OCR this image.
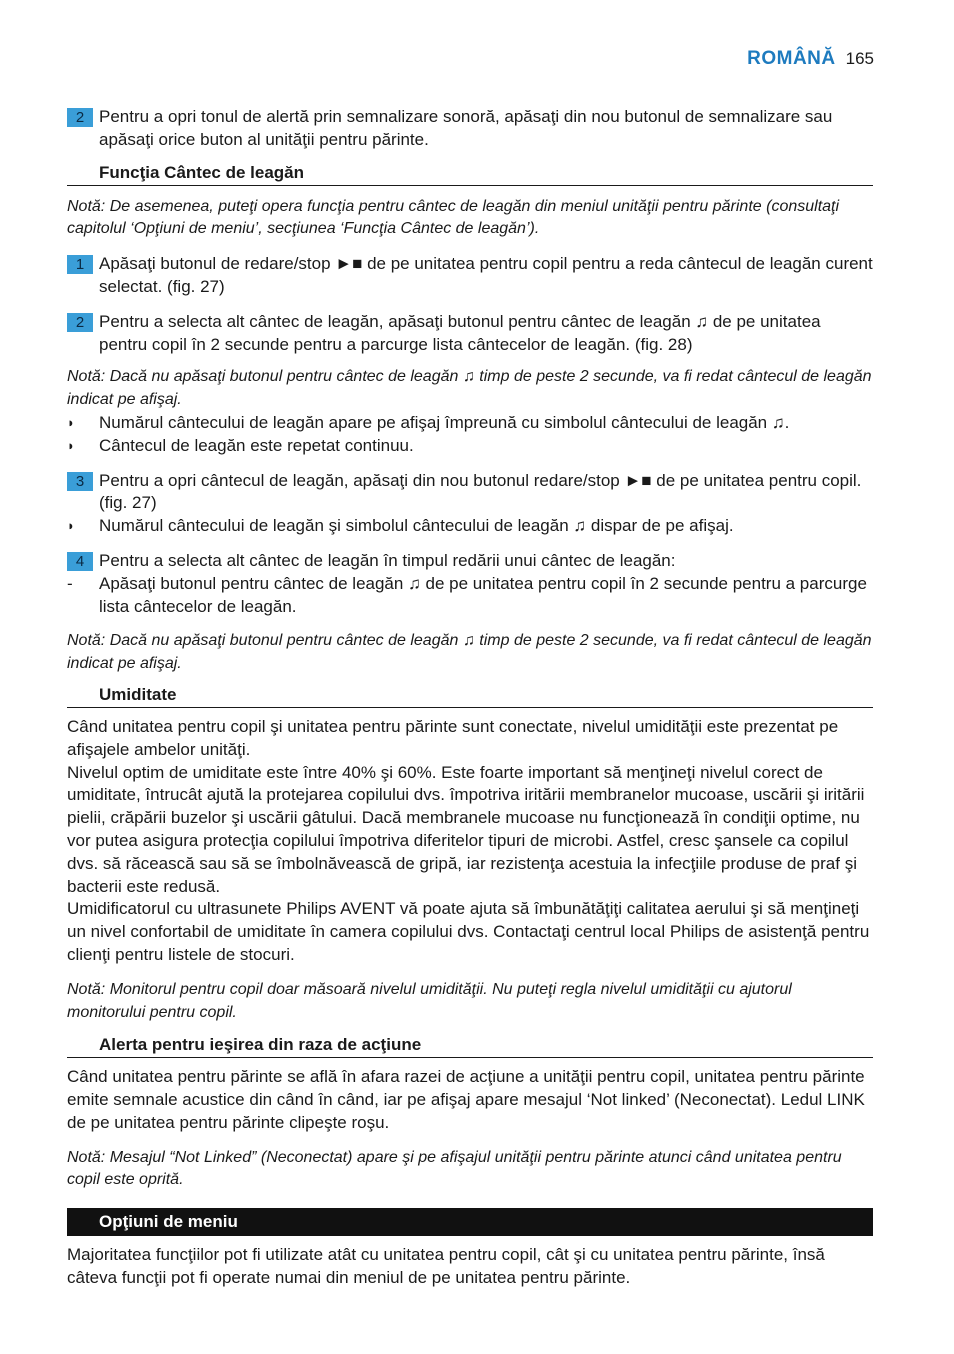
ROMÂNĂ 165
2 Pentru a opri tonul de alertă prin semnalizare sonoră, apăsaţi din nou butonul de semnalizare sau apăsaţi orice buton al unităţii pentru părinte.
Funcţia Cântec de leagăn

Notă: De asemenea, puteţi opera funcţia pentru cântec de leagăn din meniul unităţii pentru părinte (consultaţi capitolul ‘Opţiuni de meniu’, secţiunea ‘Funcţia Cântec de leagăn’).

1 Apăsaţi butonul de redare/stop ►■ de pe unitatea pentru copil pentru a reda cântecul de leagăn curent selectat. (fig. 27)
2 Pentru a selecta alt cântec de leagăn, apăsaţi butonul pentru cântec de leagăn ♫ de pe unitatea pentru copil în 2 secunde pentru a parcurge lista cântecelor de leagăn. (fig. 28)

Notă: Dacă nu apăsaţi butonul pentru cântec de leagăn ♫ timp de peste 2 secunde, va fi redat cântecul de leagăn indicat pe afişaj.

◗	Numărul cântecului de leagăn apare pe afişaj împreună cu simbolul cântecului de leagăn ♫.
◗	Cântecul de leagăn este repetat continuu.
3 Pentru a opri cântecul de leagăn, apăsaţi din nou butonul redare/stop ►■ de pe unitatea pentru copil. (fig. 27)
◗	Numărul cântecului de leagăn şi simbolul cântecului de leagăn ♫ dispar de pe afişaj.
4 Pentru a selecta alt cântec de leagăn în timpul redării unui cântec de leagăn:
-	Apăsaţi butonul pentru cântec de leagăn ♫ de pe unitatea pentru copil în 2 secunde pentru a parcurge lista cântecelor de leagăn.

Notă: Dacă nu apăsaţi butonul pentru cântec de leagăn ♫ timp de peste 2 secunde, va fi redat cântecul de leagăn indicat pe afişaj.

Umiditate

Când unitatea pentru copil şi unitatea pentru părinte sunt conectate, nivelul umidităţii este prezentat pe afişajele ambelor unităţi.

Nivelul optim de umiditate este între 40% şi 60%. Este foarte important să menţineţi nivelul corect de umiditate, întrucât ajută la protejarea copilului dvs. împotriva iritării membranelor mucoase, uscării şi iritării pielii, crăpării buzelor şi uscării gâtului. Dacă membranele mucoase nu funcţionează în condiţii optime, nu vor putea asigura protecţia copilului împotriva diferitelor tipuri de microbi. Astfel, cresc şansele ca copilul dvs. să răcească sau să se îmbolnăvească de gripă, iar rezistenţa acestuia la infecţiile produse de praf şi bacterii este redusă.

Umidificatorul cu ultrasunete Philips AVENT vă poate ajuta să îmbunătăţiţi calitatea aerului şi să menţineţi un nivel confortabil de umiditate în camera copilului dvs. Contactaţi centrul local Philips de asistenţă pentru clienţi pentru listele de stocuri.

Notă: Monitorul pentru copil doar măsoară nivelul umidităţii. Nu puteţi regla nivelul umidităţii cu ajutorul monitorului pentru copil.

Alerta pentru ieşirea din raza de acţiune

Când unitatea pentru părinte se află în afara razei de acţiune a unităţii pentru copil, unitatea pentru părinte emite semnale acustice din când în când, iar pe afişaj apare mesajul ‘Not linked’ (Neconectat). Ledul LINK de pe unitatea pentru părinte clipeşte roşu.

Notă: Mesajul “Not Linked” (Neconectat) apare şi pe afişajul unităţii pentru părinte atunci când unitatea pentru copil este oprită.

Opţiuni de meniu

Majoritatea funcţiilor pot fi utilizate atât cu unitatea pentru copil, cât şi cu unitatea pentru părinte, însă câteva funcţii pot fi operate numai din meniul de pe unitatea pentru părinte.
